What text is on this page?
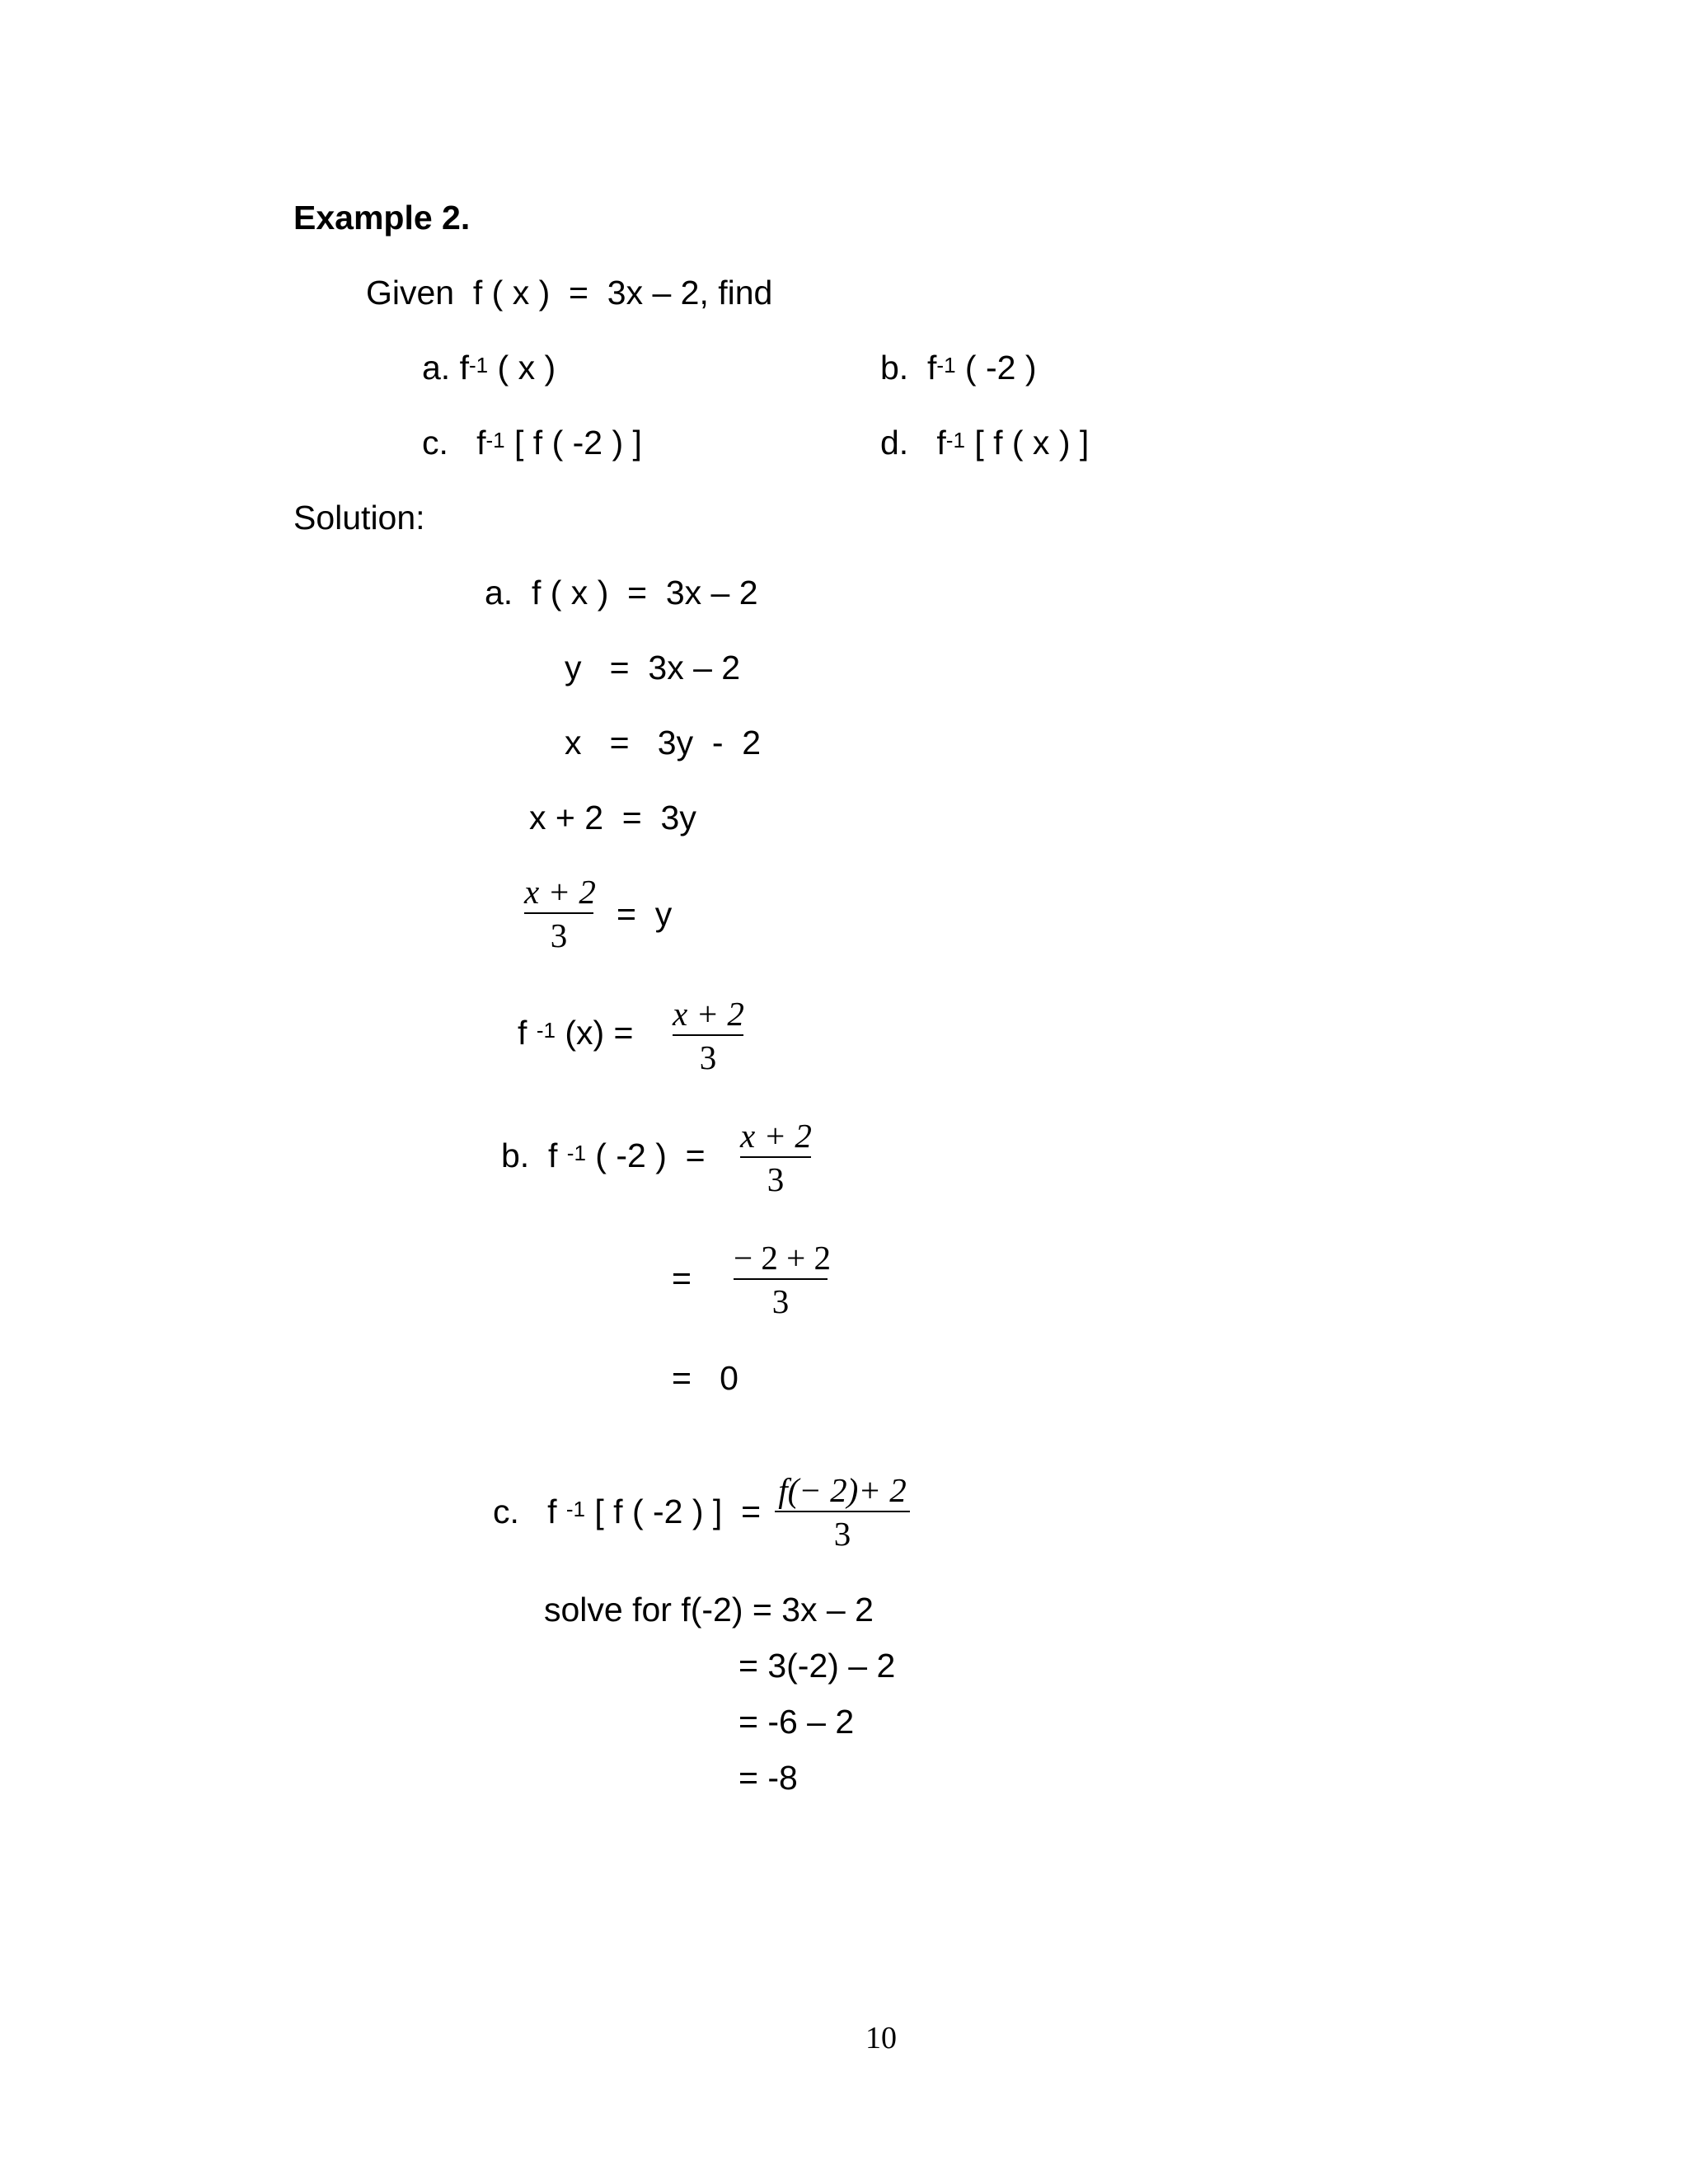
Example 2.
Given  f ( x )  =  3x – 2, find
a. $f^{-1}$ ( x )	b. $f^{-1}$ ( -2 )
c. $f^{-1}$ [ f ( -2 ) ]	d. $f^{-1}$ [ f ( x ) ]
Solution:
a.  f ( x )  =  3x – 2
y   =  3x – 2
x   =   3y  -  2
x + 2  =  3y
x + 2
3
=  y
f $^{-1}$ (x) = x + 2
3
b.  f $^{-1}$ ( -2 )  =
x + 2
3
=
− 2 + 2
3
=   0
c.   f $^{-1}$ [ f ( -2 ) ]  =
f(− 2)+ 2
3
solve for f(-2) = 3x – 2
= 3(-2) – 2
= -6 – 2
= -8
10
